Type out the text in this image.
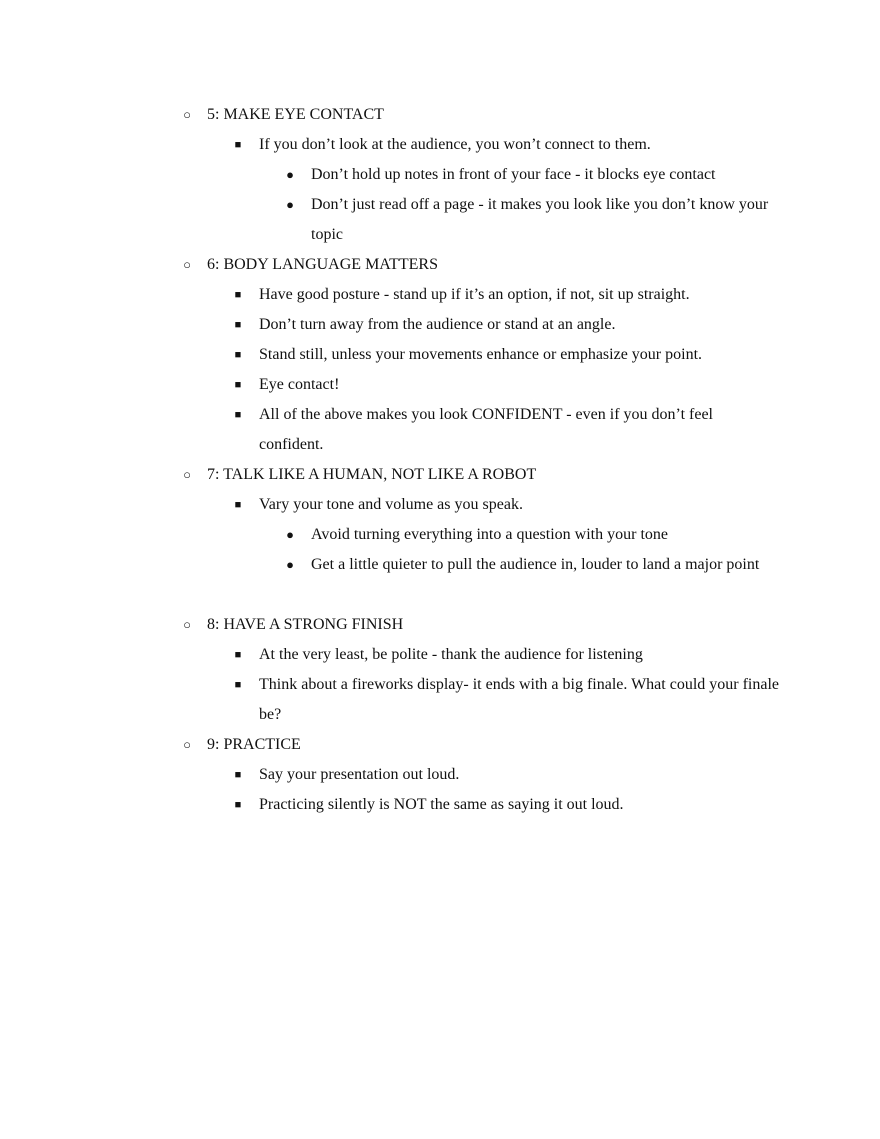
○	5: MAKE EYE CONTACT
■	If you don’t look at the audience, you won’t connect to them.
●	Don’t hold up notes in front of your face - it blocks eye contact
●	Don’t just read off a page - it makes you look like you don’t know your topic
○	6: BODY LANGUAGE MATTERS
■	Have good posture - stand up if it’s an option, if not, sit up straight.
■	Don’t turn away from the audience or stand at an angle.
■	Stand still, unless your movements enhance or emphasize your point.
■	Eye contact!
■	All of the above makes you look CONFIDENT - even if you don’t feel confident.
○	7: TALK LIKE A HUMAN, NOT LIKE A ROBOT
■	Vary your tone and volume as you speak.
●	Avoid turning everything into a question with your tone
●	Get a little quieter to pull the audience in, louder to land a major point
○	8: HAVE A STRONG FINISH
■	At the very least, be polite - thank the audience for listening
■	Think about a fireworks display- it ends with a big finale. What could your finale be?
○	9: PRACTICE
■	Say your presentation out loud.
■	Practicing silently is NOT the same as saying it out loud.
